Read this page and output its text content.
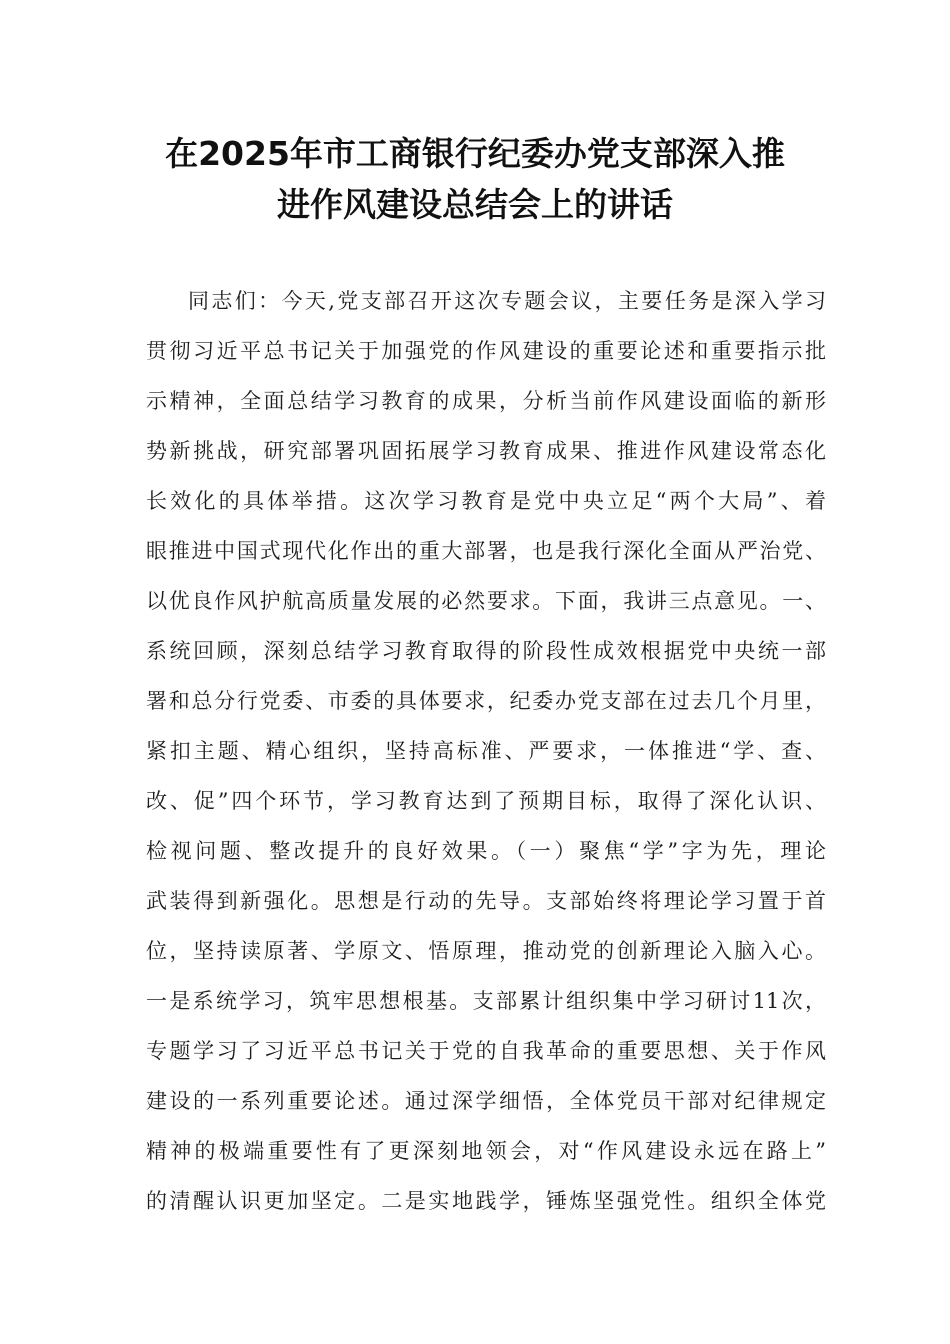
在2025年市工商银行纪委办党支部深入推
进作风建设总结会上的讲话
同志们：今天,党支部召开这次专题会议，主要任务是深入学习
贯彻习近平总书记关于加强党的作风建设的重要论述和重要指示批
示精神，全面总结学习教育的成果，分析当前作风建设面临的新形
势新挑战，研究部署巩固拓展学习教育成果、推进作风建设常态化
长效化的具体举措。这次学习教育是党中央立足“两个大局”、着
眼推进中国式现代化作出的重大部署，也是我行深化全面从严治党、
以优良作风护航高质量发展的必然要求。下面，我讲三点意见。一、
系统回顾，深刻总结学习教育取得的阶段性成效根据党中央统一部
署和总分行党委、市委的具体要求，纪委办党支部在过去几个月里，
紧扣主题、精心组织，坚持高标准、严要求，一体推进“学、查、
改、促”四个环节，学习教育达到了预期目标，取得了深化认识、
检视问题、整改提升的良好效果。（一）聚焦“学”字为先，理论
武装得到新强化。思想是行动的先导。支部始终将理论学习置于首
位，坚持读原著、学原文、悟原理，推动党的创新理论入脑入心。
一是系统学习，筑牢思想根基。支部累计组织集中学习研讨11次，
专题学习了习近平总书记关于党的自我革命的重要思想、关于作风
建设的一系列重要论述。通过深学细悟，全体党员干部对纪律规定
精神的极端重要性有了更深刻地领会，对“作风建设永远在路上”
的清醒认识更加坚定。二是实地践学，锤炼坚强党性。组织全体党
